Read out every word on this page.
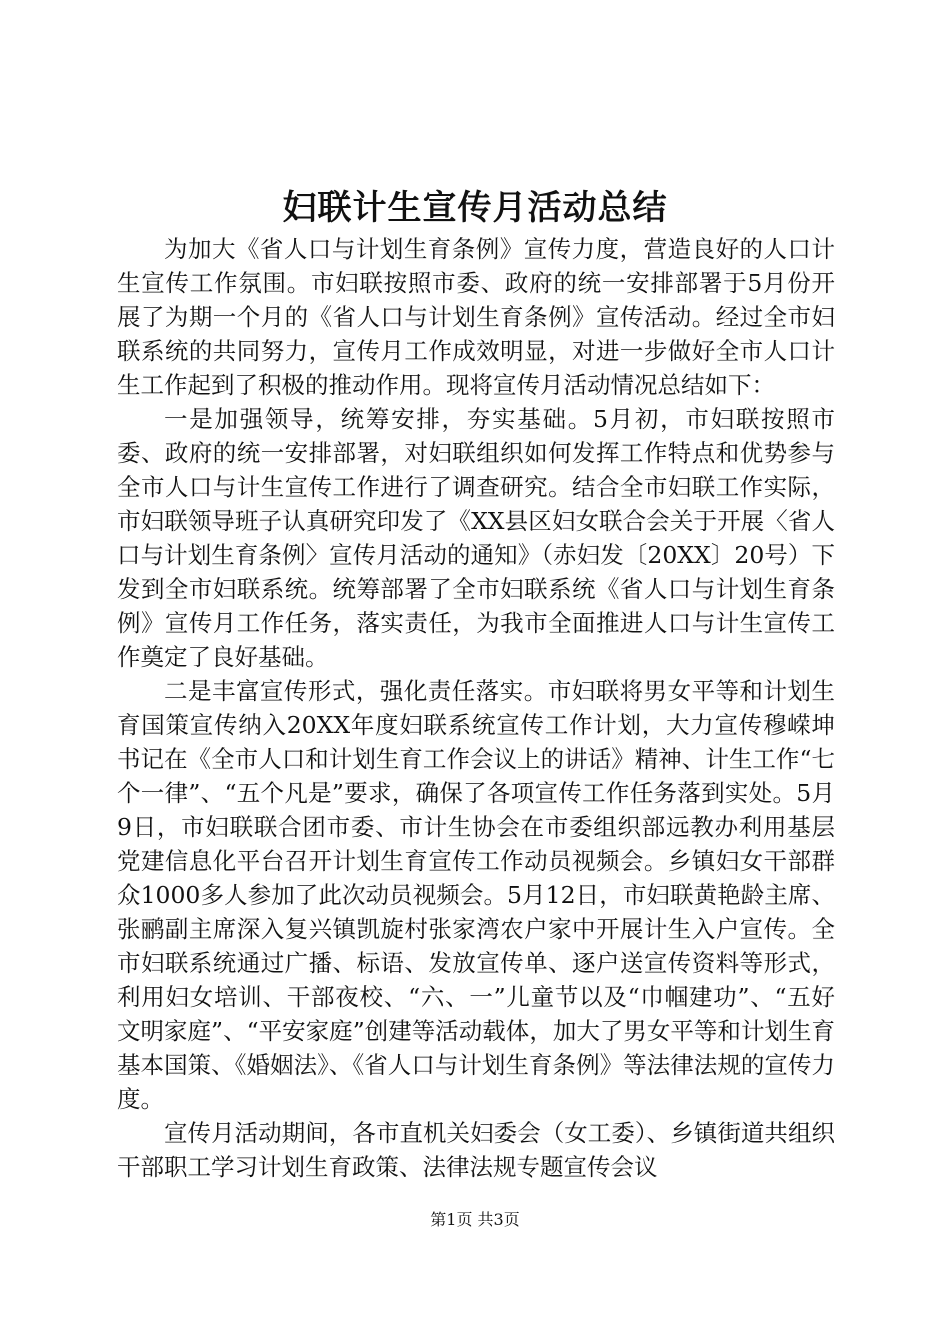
妇联计生宣传月活动总结

为加大《省人口与计划生育条例》宣传力度，营造良好的人口计生宣传工作氛围。市妇联按照市委、政府的统一安排部署于5月份开展了为期一个月的《省人口与计划生育条例》宣传活动。经过全市妇联系统的共同努力，宣传月工作成效明显，对进一步做好全市人口计生工作起到了积极的推动作用。现将宣传月活动情况总结如下：

一是加强领导，统筹安排，夯实基础。5月初，市妇联按照市委、政府的统一安排部署，对妇联组织如何发挥工作特点和优势参与全市人口与计生宣传工作进行了调查研究。结合全市妇联工作实际，市妇联领导班子认真研究印发了《XX县区妇女联合会关于开展〈省人口与计划生育条例〉宣传月活动的通知》（赤妇发〔20XX〕20号）下发到全市妇联系统。统筹部署了全市妇联系统《省人口与计划生育条例》宣传月工作任务，落实责任，为我市全面推进人口与计生宣传工作奠定了良好基础。

二是丰富宣传形式，强化责任落实。市妇联将男女平等和计划生育国策宣传纳入20XX年度妇联系统宣传工作计划，大力宣传穆嵘坤书记在《全市人口和计划生育工作会议上的讲话》精神、计生工作“七个一律”、“五个凡是”要求，确保了各项宣传工作任务落到实处。5月9日，市妇联联合团市委、市计生协会在市委组织部远教办利用基层党建信息化平台召开计划生育宣传工作动员视频会。乡镇妇女干部群众1000多人参加了此次动员视频会。5月12日，市妇联黄艳龄主席、张鹂副主席深入复兴镇凯旋村张家湾农户家中开展计生入户宣传。全市妇联系统通过广播、标语、发放宣传单、逐户送宣传资料等形式，利用妇女培训、干部夜校、“六、一”儿童节以及“巾帼建功”、“五好文明家庭”、“平安家庭”创建等活动载体，加大了男女平等和计划生育基本国策、《婚姻法》、《省人口与计划生育条例》等法律法规的宣传力度。

宣传月活动期间，各市直机关妇委会（女工委）、乡镇街道共组织干部职工学习计划生育政策、法律法规专题宣传会议

第1页 共3页
